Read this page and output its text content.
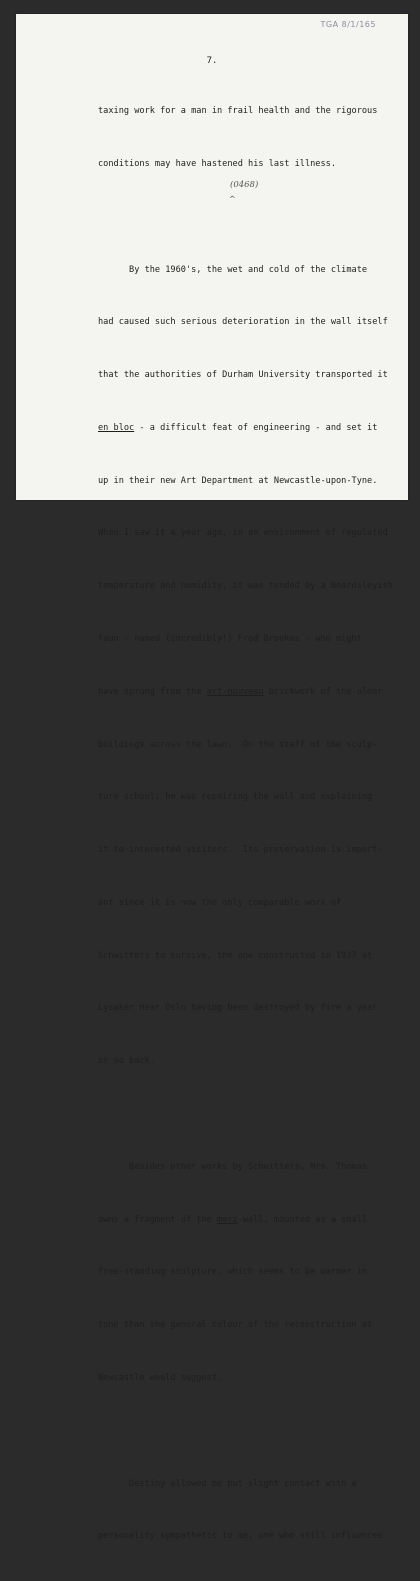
TGA 8/1/165
7.

taxing work for a man in frail health and the rigorous

conditions may have hastened his last illness.

By the 1960's, the wet and cold of the climate

had caused such serious deterioration in the wall itself

that the authorities of Durham University transported it

en bloc - a difficult feat of engineering - and set it

up in their new Art Department at Newcastle-upon-Tyne.

When I saw it a year ago, in an environment of regulated

temperature and humidity, it was tended by a Beardsleyish

faun - named (incredibly!) Fred Brookes - who might

have sprung from the art-nouveau brickwork of the older

buildings across the lawn.  On the staff of the sculp-

ture school, he was repairing the wall and explaining

it to interested visitors.  Its preservation is import-

ant since it is now the only comparable work of

Schwitters to survive, the one constructed in 1937 at

Lysaker near Oslo having been destroyed by fire a year

or so back.

Besides other works by Schwitters, Mrs. Thomas

owns a fragment of the merz-wall, mounted as a small

free-standing sculpture, which seems to be warmer in

tone than the general colour of the reconstruction at

Newcastle would suggest.

Destiny allowed me but slight contact with a

personality sympathetic to me, one who still influences

(0468)
^
